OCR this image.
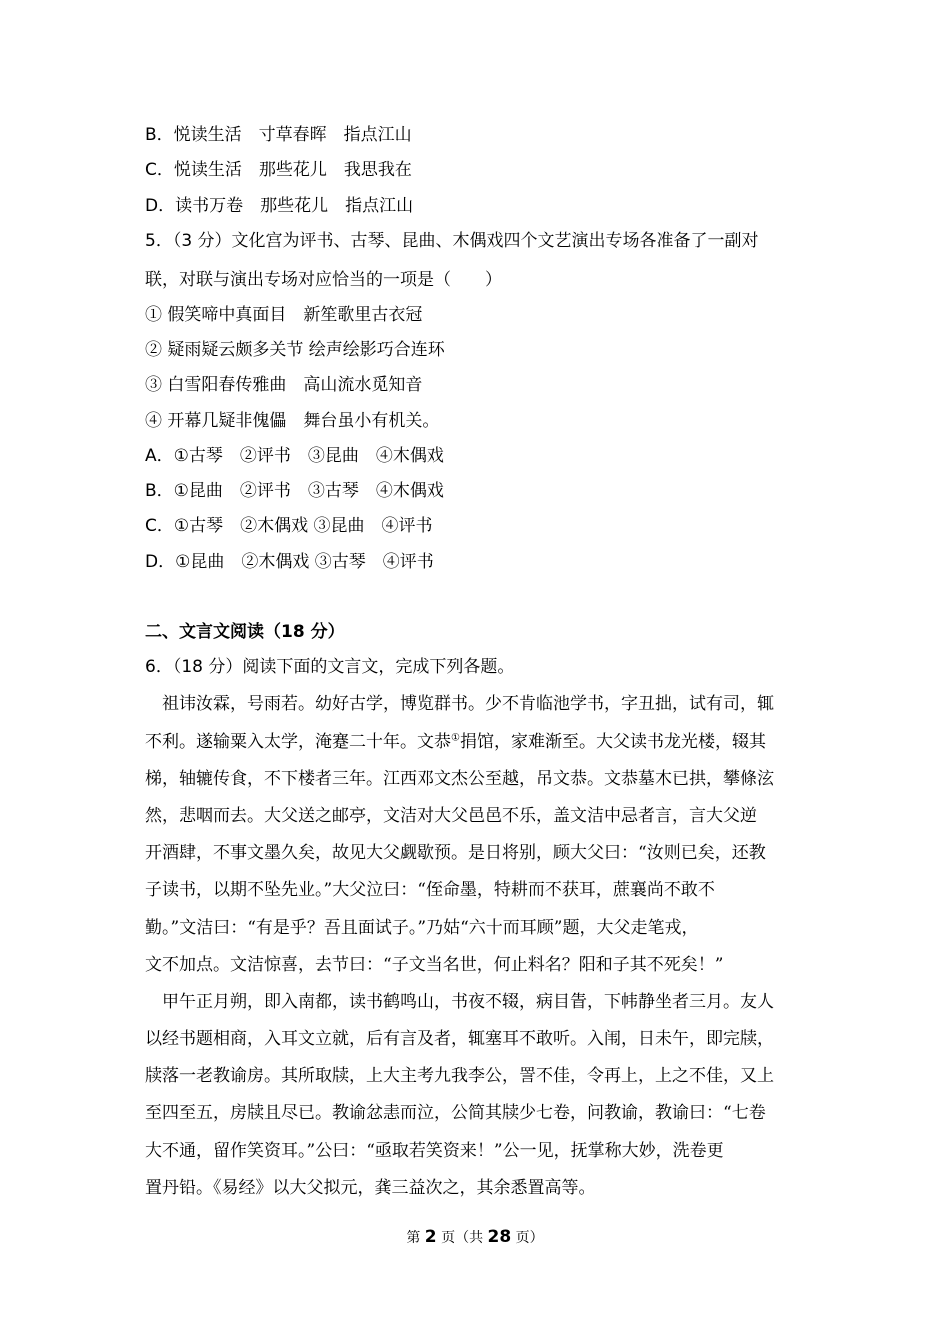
B．悦读生活　寸草春晖　指点江山
C．悦读生活　那些花儿　我思我在
D．读书万卷　那些花儿　指点江山
5．（3 分）文化宫为评书、古琴、昆曲、木偶戏四个文艺演出专场各准备了一副对
联，对联与演出专场对应恰当的一项是（　　）
① 假笑啼中真面目　新笙歌里古衣冠
② 疑雨疑云颇多关节 绘声绘影巧合连环
③ 白雪阳春传雅曲　高山流水觅知音
④ 开幕几疑非傀儡　舞台虽小有机关。
A．①古琴　②评书　③昆曲　④木偶戏
B．①昆曲　②评书　③古琴　④木偶戏
C．①古琴　②木偶戏 ③昆曲　④评书
D．①昆曲　②木偶戏 ③古琴　④评书
二、文言文阅读（18 分）
6．（18 分）阅读下面的文言文，完成下列各题。
祖讳汝霖，号雨若。幼好古学，博览群书。少不肯临池学书，字丑拙，试有司，辄
不利。遂输粟入太学，淹蹇二十年。文恭①捐馆，家难渐至。大父读书龙光楼，辍其
梯，轴辘传食，不下楼者三年。江西邓文杰公至越，吊文恭。文恭墓木已拱，攀條泫
然，悲咽而去。大父送之邮亭，文洁对大父邑邑不乐，盖文洁中忌者言，言大父逆
开酒肆，不事文墨久矣，故见大父觑歇预。是日将别，顾大父曰：“汝则已矣，还教
子读书，以期不坠先业。”大父泣曰：“侄命墨，特耕而不获耳，蔗襄尚不敢不
勤。”文洁曰：“有是乎？吾且面试子。”乃姑“六十而耳顾”题，大父走笔戎，
文不加点。文洁惊喜，去节曰：“子文当名世，何止料名？阳和子其不死矣！”
甲午正月朔，即入南都，读书鹤鸣山，书夜不辍，病目眚，下帏静坐者三月。友人
以经书题相商，入耳文立就，后有言及者，辄塞耳不敢听。入闱，日未午，即完牍，
牍落一老教谕房。其所取牍，上大主考九我李公，詈不佳，令再上，上之不佳，又上
至四至五，房牍且尽已。教谕忿恚而泣，公简其牍少七卷，问教谕，教谕曰：“七卷
大不通，留作笑资耳。”公曰：“亟取若笑资来！”公一见，抚掌称大妙，洗卷更
置丹铅。《易经》以大父拟元，龚三益次之，其余悉置高等。
第 2 页（共 28 页）
